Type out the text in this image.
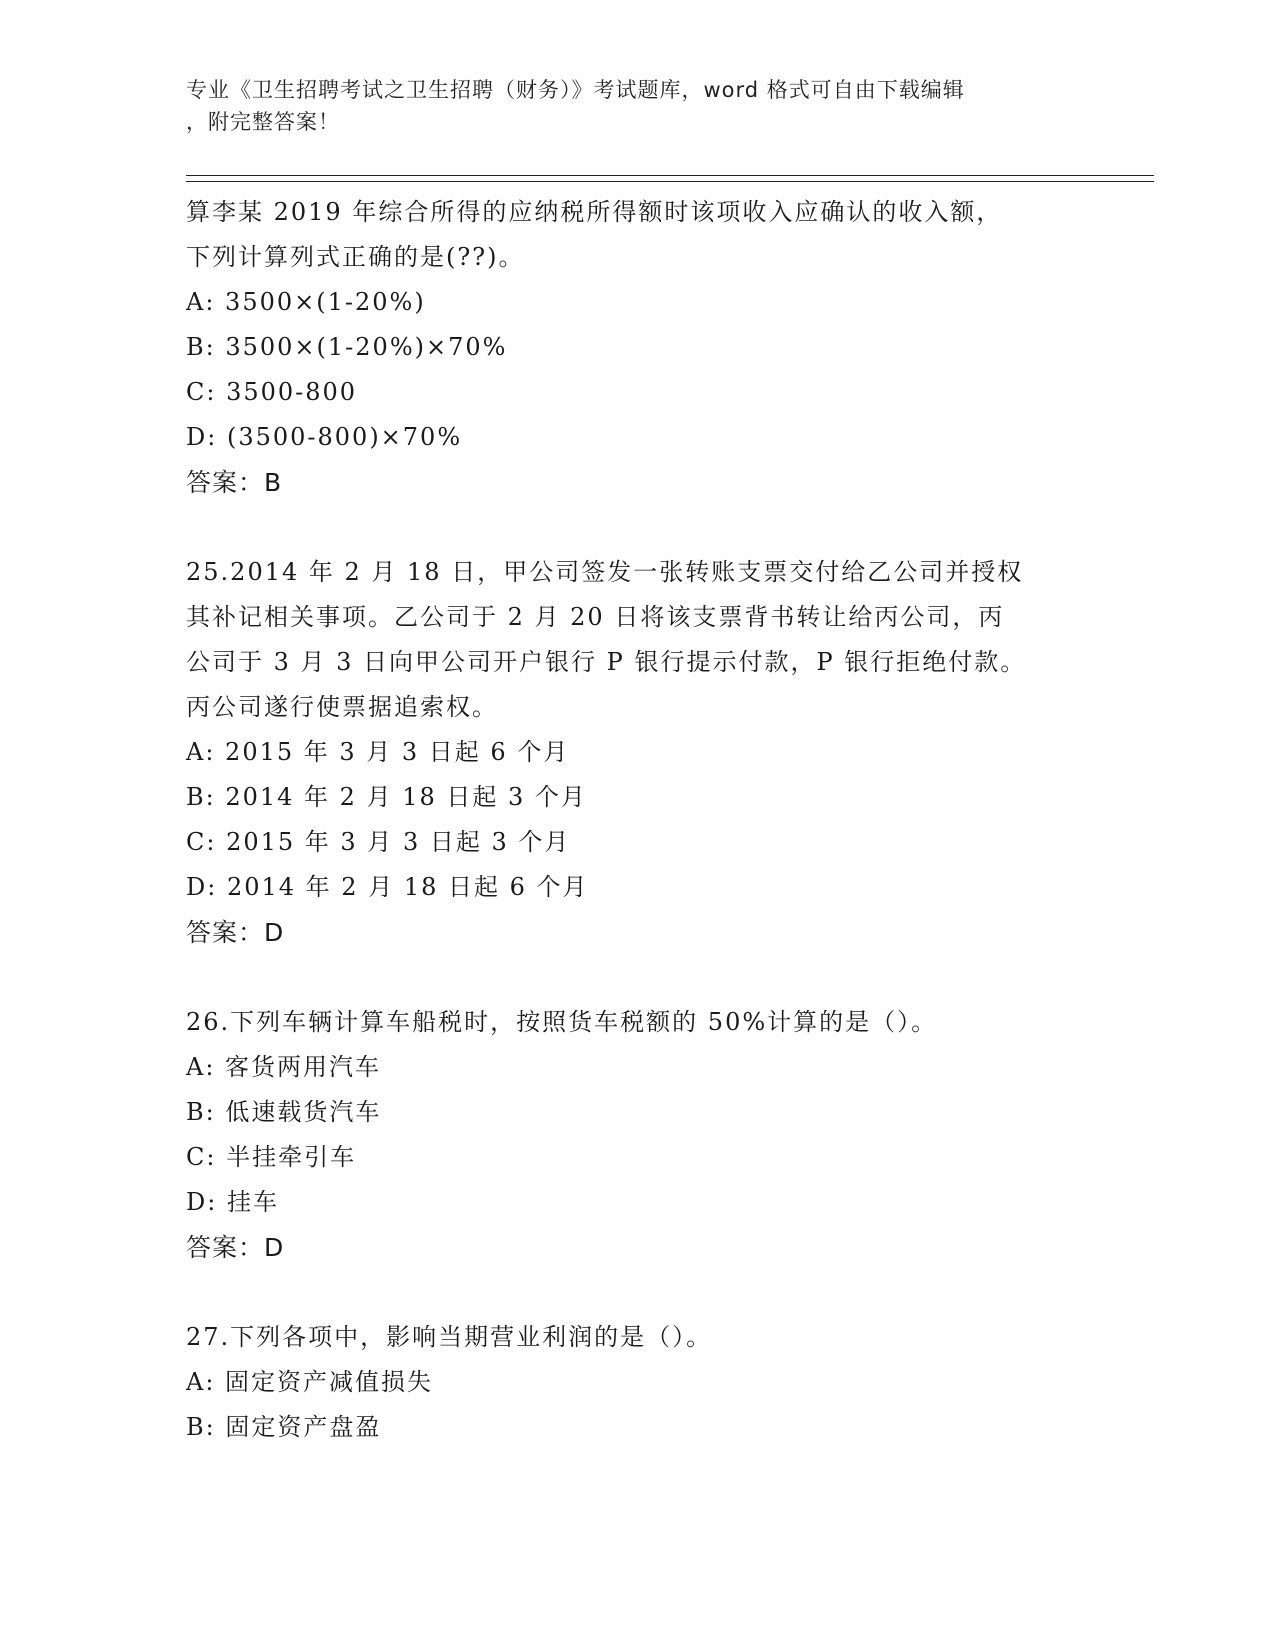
专业《卫生招聘考试之卫生招聘（财务）》考试题库，word 格式可自由下载编辑
，附完整答案！
算李某 2019 年综合所得的应纳税所得额时该项收入应确认的收入额，
下列计算列式正确的是(??)。
A: 3500×(1-20%)
B: 3500×(1-20%)×70%
C: 3500-800
D: (3500-800)×70%
答案：B
25.2014 年 2 月 18 日，甲公司签发一张转账支票交付给乙公司并授权
其补记相关事项。乙公司于 2 月 20 日将该支票背书转让给丙公司，丙
公司于 3 月 3 日向甲公司开户银行 P 银行提示付款，P 银行拒绝付款。
丙公司遂行使票据追索权。
A: 2015 年 3 月 3 日起 6 个月
B: 2014 年 2 月 18 日起 3 个月
C: 2015 年 3 月 3 日起 3 个月
D: 2014 年 2 月 18 日起 6 个月
答案：D
26.下列车辆计算车船税时，按照货车税额的 50%计算的是（）。
A: 客货两用汽车
B: 低速载货汽车
C: 半挂牵引车
D: 挂车
答案：D
27.下列各项中，影响当期营业利润的是（）。
A: 固定资产减值损失
B: 固定资产盘盈
